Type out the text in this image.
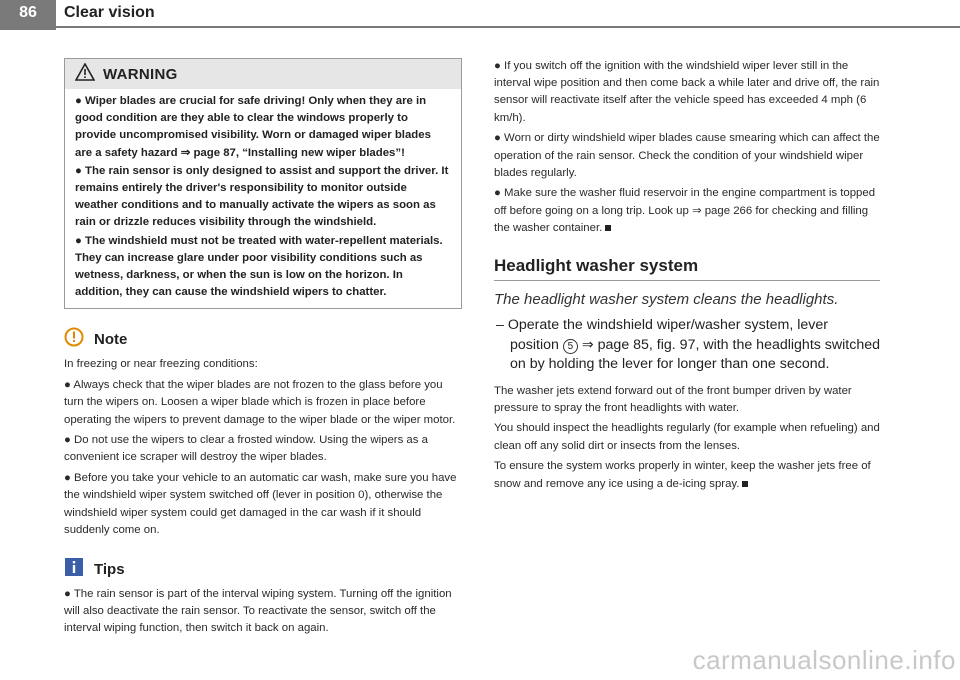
86	Clear vision
WARNING

● Wiper blades are crucial for safe driving! Only when they are in good condition are they able to clear the windows properly to provide uncompromised visibility. Worn or damaged wiper blades are a safety hazard ⇒ page 87, “Installing new wiper blades”!

● The rain sensor is only designed to assist and support the driver. It remains entirely the driver's responsibility to monitor outside weather conditions and to manually activate the wipers as soon as rain or drizzle reduces visibility through the windshield.

● The windshield must not be treated with water-repellent materials. They can increase glare under poor visibility conditions such as wetness, darkness, or when the sun is low on the horizon. In addition, they can cause the windshield wipers to chatter.

Note

In freezing or near freezing conditions:

● Always check that the wiper blades are not frozen to the glass before you turn the wipers on. Loosen a wiper blade which is frozen in place before operating the wipers to prevent damage to the wiper blade or the wiper motor.

● Do not use the wipers to clear a frosted window. Using the wipers as a convenient ice scraper will destroy the wiper blades.

● Before you take your vehicle to an automatic car wash, make sure you have the windshield wiper system switched off (lever in position 0), otherwise the windshield wiper system could get damaged in the car wash if it should suddenly come on.

Tips

● The rain sensor is part of the interval wiping system. Turning off the ignition will also deactivate the rain sensor. To reactivate the sensor, switch off the interval wiping function, then switch it back on again.

● If you switch off the ignition with the windshield wiper lever still in the interval wipe position and then come back a while later and drive off, the rain sensor will reactivate itself after the vehicle speed has exceeded 4 mph (6 km/h).

● Worn or dirty windshield wiper blades cause smearing which can affect the operation of the rain sensor. Check the condition of your windshield wiper blades regularly.

● Make sure the washer fluid reservoir in the engine compartment is topped off before going on a long trip. Look up ⇒ page 266 for checking and filling the washer container.

Headlight washer system
The headlight washer system cleans the headlights.
– Operate the windshield wiper/washer system, lever position 5 ⇒ page 85, fig. 97, with the headlights switched on by holding the lever for longer than one second.

The washer jets extend forward out of the front bumper driven by water pressure to spray the front headlights with water.

You should inspect the headlights regularly (for example when refueling) and clean off any solid dirt or insects from the lenses.

To ensure the system works properly in winter, keep the washer jets free of snow and remove any ice using a de-icing spray.

carmanualsonline.info
